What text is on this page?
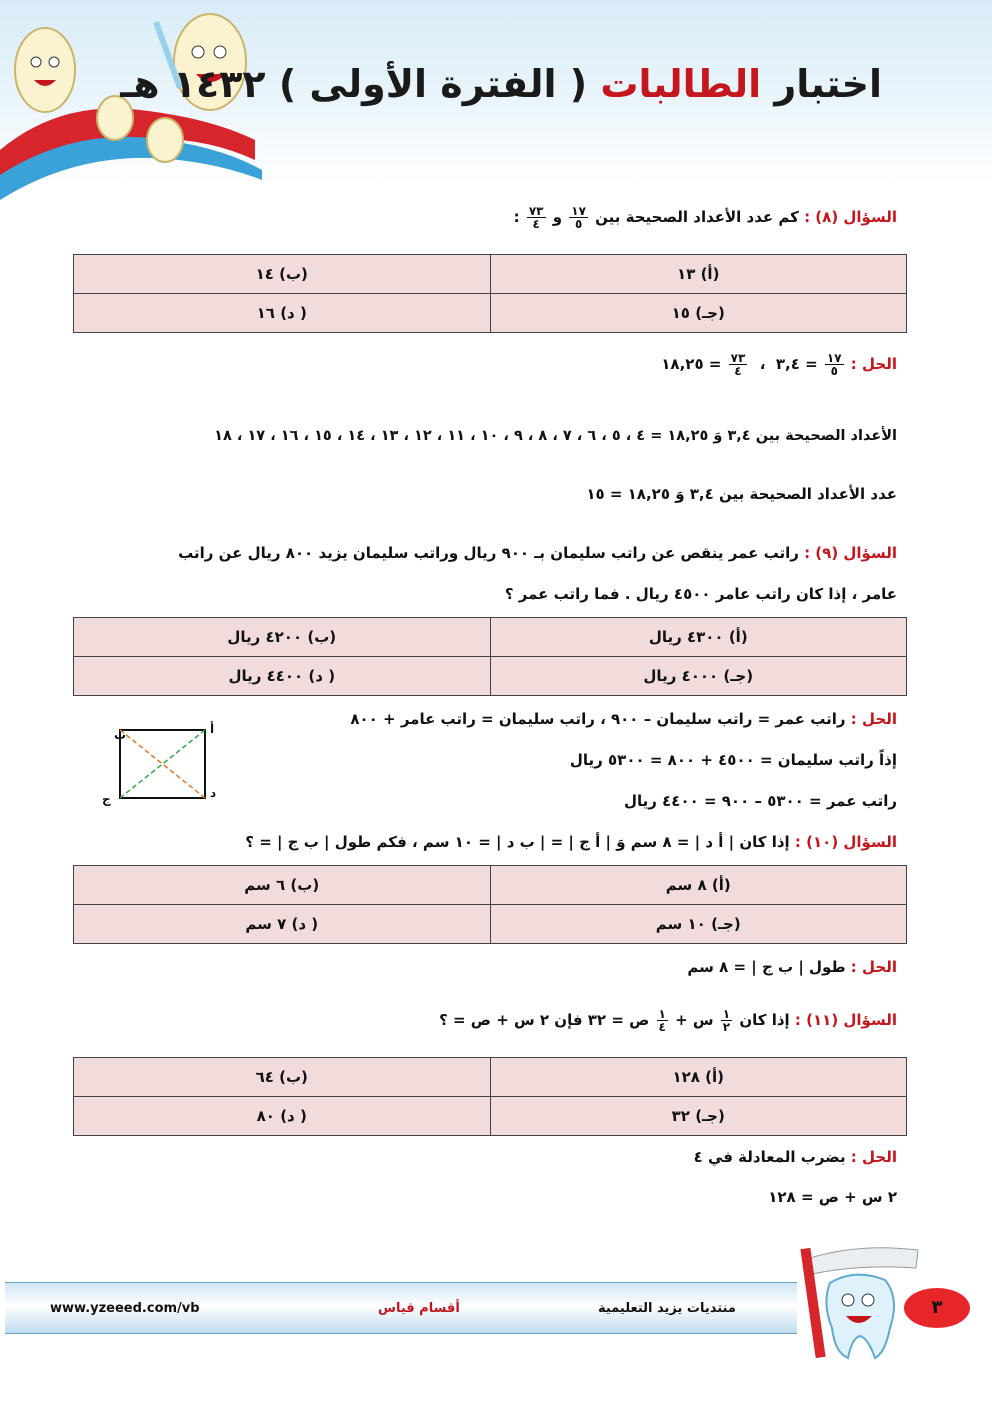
اختبار الطالبات ( الفترة الأولى ) ١٤٣٢ هـ
السؤال (٨) : كم عدد الأعداد الصحيحة بين
$\frac{١٧}{٥}$
و
$\frac{٧٣}{٤}$
:
(أ) ١٣	(ب) ١٤
(جـ) ١٥	( د) ١٦
الحل :
$\frac{١٧}{٥}$
= ٣,٤  ،
$\frac{٧٣}{٤}$
= ١٨,٢٥
الأعداد الصحيحة بين ٣,٤ وَ ١٨,٢٥ = ٤ ، ٥ ، ٦ ، ٧ ، ٨ ، ٩ ، ١٠ ، ١١ ، ١٢ ، ١٣ ، ١٤ ، ١٥ ، ١٦ ، ١٧ ، ١٨
عدد الأعداد الصحيحة بين ٣,٤ وَ ١٨,٢٥ = ١٥
السؤال (٩) : راتب عمر ينقص عن راتب سليمان بـ ٩٠٠ ريال وراتب سليمان يزيد ٨٠٠ ريال عن راتب
عامر ، إذا كان راتب عامر ٤٥٠٠ ريال . فما راتب عمر ؟
(أ) ٤٣٠٠ ريال	(ب) ٤٢٠٠ ريال
(جـ) ٤٠٠٠ ريال	( د) ٤٤٠٠ ريال
الحل : راتب عمر = راتب سليمان – ٩٠٠ ، راتب سليمان = راتب عامر + ٨٠٠
إذاً راتب سليمان = ٤٥٠٠ + ٨٠٠ = ٥٣٠٠ ريال
راتب عمر = ٥٣٠٠ – ٩٠٠ = ٤٤٠٠ ريال
ب	أ
ج	د
السؤال (١٠) : إذا كان | أ د | = ٨ سم وَ | أ ج | = | ب د | = ١٠ سم ، فكم طول | ب ج | = ؟
(أ) ٨ سم	(ب) ٦ سم
(جـ) ١٠ سم	( د) ٧ سم
الحل : طول | ب ج | = ٨ سم
السؤال (١١) : إذا كان
$\frac{١}{٢}$
س +
$\frac{١}{٤}$
ص = ٣٢ فإن ٢ س + ص = ؟
(أ) ١٢٨	(ب) ٦٤
(جـ) ٣٢	( د) ٨٠
الحل : بضرب المعادلة في ٤
٢ س + ص = ١٢٨
www.yzeeed.com/vb	أقسام قياس	منتديات يزيد التعليمية	٣
